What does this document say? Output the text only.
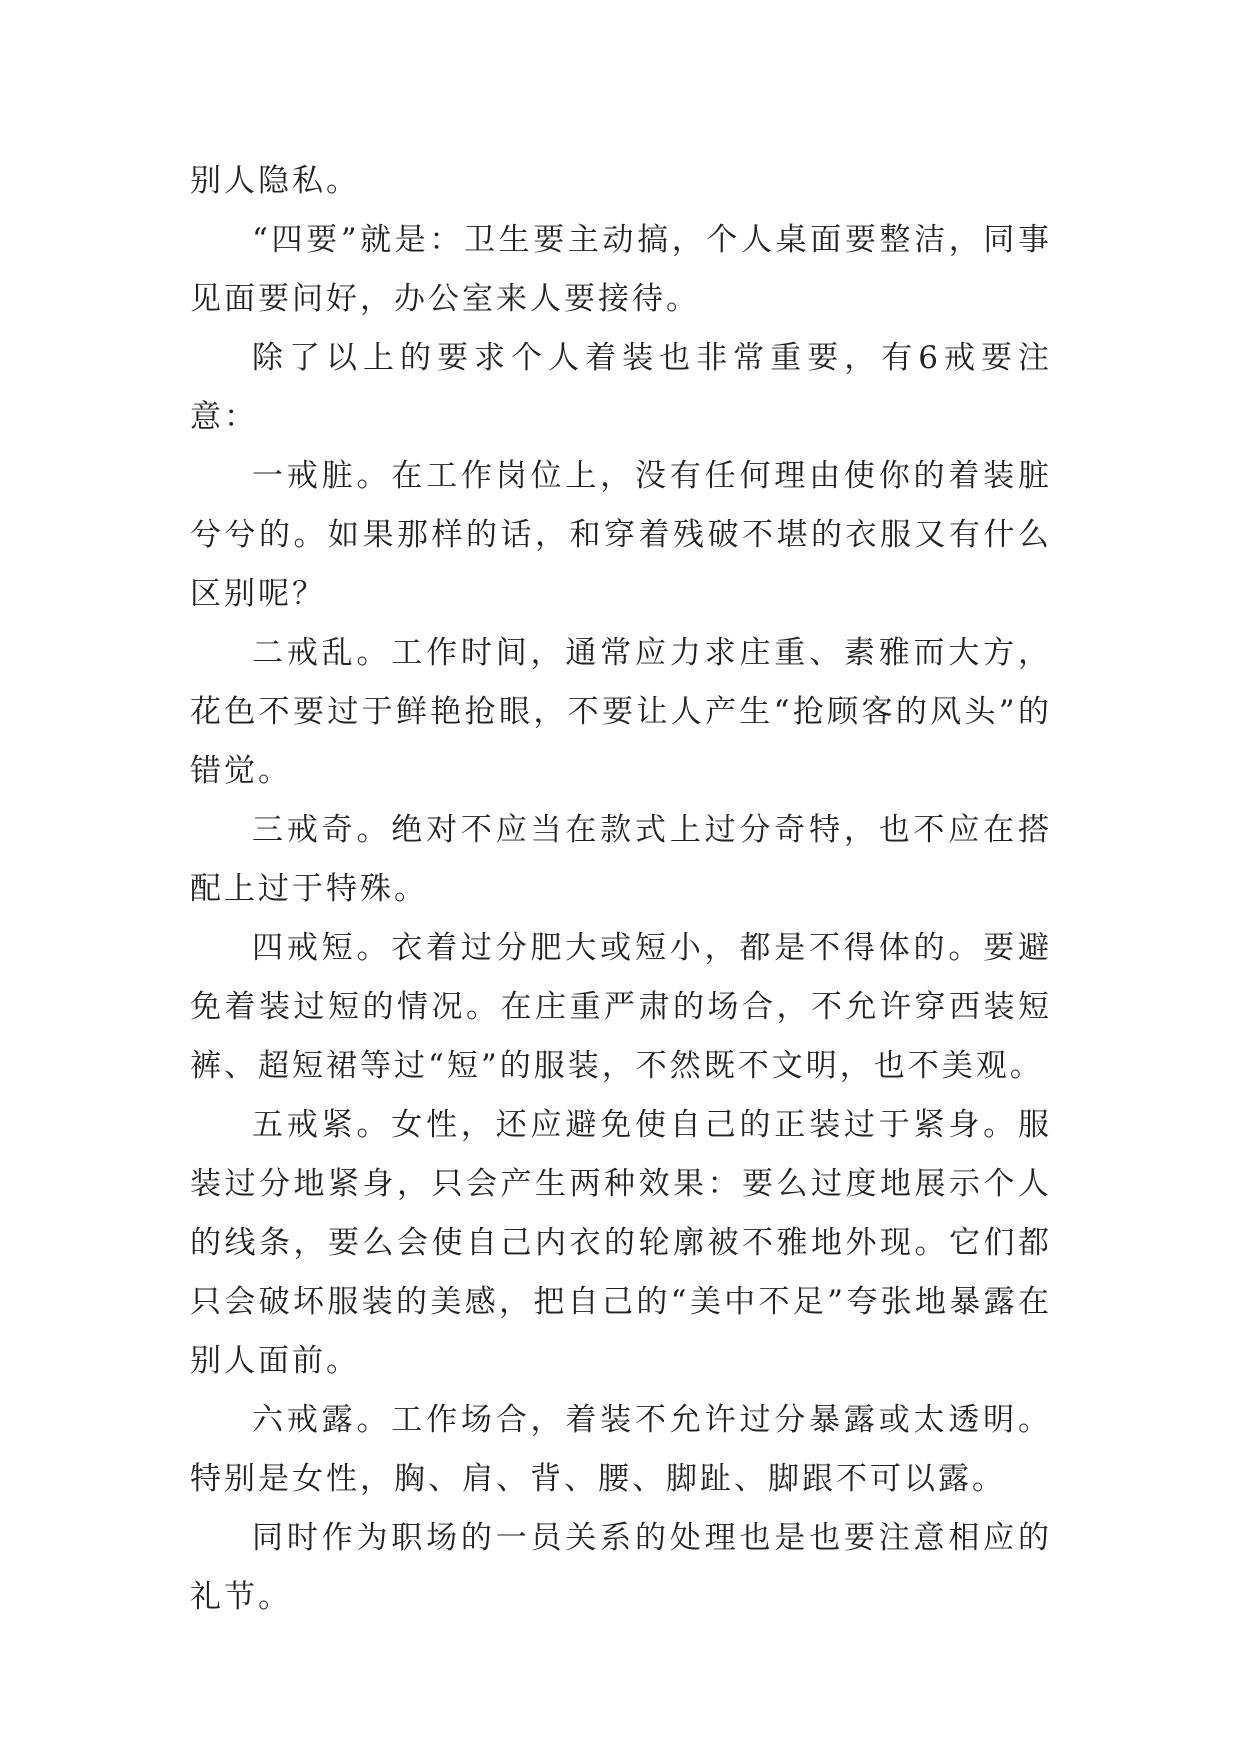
别人隐私。

“四要”就是：卫生要主动搞，个人桌面要整洁，同事见面要问好，办公室来人要接待。

除了以上的要求个人着装也非常重要，有6戒要注意：

一戒脏。在工作岗位上，没有任何理由使你的着装脏兮兮的。如果那样的话，和穿着残破不堪的衣服又有什么区别呢？

二戒乱。工作时间，通常应力求庄重、素雅而大方，花色不要过于鲜艳抢眼，不要让人产生“抢顾客的风头”的错觉。

三戒奇。绝对不应当在款式上过分奇特，也不应在搭配上过于特殊。

四戒短。衣着过分肥大或短小，都是不得体的。要避免着装过短的情况。在庄重严肃的场合，不允许穿西装短裤、超短裙等过“短”的服装，不然既不文明，也不美观。

五戒紧。女性，还应避免使自己的正装过于紧身。服装过分地紧身，只会产生两种效果：要么过度地展示个人的线条，要么会使自己内衣的轮廓被不雅地外现。它们都只会破坏服装的美感，把自己的“美中不足”夸张地暴露在别人面前。

六戒露。工作场合，着装不允许过分暴露或太透明。特别是女性，胸、肩、背、腰、脚趾、脚跟不可以露。

同时作为职场的一员关系的处理也是也要注意相应的礼节。
